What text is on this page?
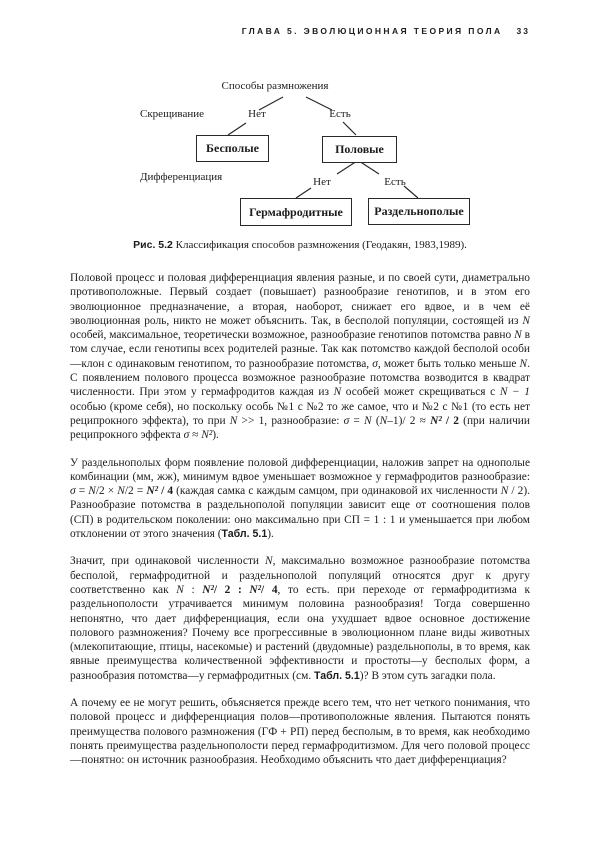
ГЛАВА 5. ЭВОЛЮЦИОННАЯ ТЕОРИЯ ПОЛА 33
Способы размножения
Скрещивание	Нет	Есть
Бесполые	Половые
Дифференциация	Нет	Есть
Гермафродитные	Раздельнополые
Рис. 5.2 Классификация способов размножения (Геодакян, 1983,1989).

Половой процесс и половая дифференциация явления разные, и по своей сути, диаметрально противоположные. Первый создает (повышает) разнообразие генотипов, и в этом его эволюционное предназначение, а вторая, наоборот, снижает его вдвое, и в чем её эволюционная роль, никто не может объяснить. Так, в бесполой популяции, состоящей из N особей, максимальное, теоретически возможное, разнообразие генотипов потомства равно N в том случае, если генотипы всех родителей разные. Так как потомство каждой бесполой особи—клон с одинаковым генотипом, то разнообразие потомства, σ, может быть только меньше N. С появлением полового процесса возможное разнообразие потомства возводится в квадрат численности. При этом у гермафродитов каждая из N особей может скрещиваться с N − 1 особью (кроме себя), но поскольку особь №1 с №2 то же самое, что и №2 с №1 (то есть нет реципрокного эффекта), то при N >> 1, разнообразие: σ = N (N–1)/ 2 ≈ N² / 2 (при наличии реципрокного эффекта σ ≈ N²).

У раздельнополых форм появление половой дифференциации, наложив запрет на однополые комбинации (мм, жж), минимум вдвое уменьшает возможное у гермафродитов разнообразие: σ = N/2 × N/2 = N² / 4 (каждая самка с каждым самцом, при одинаковой их численности N / 2). Разнообразие потомства в раздельнополой популяции зависит еще от соотношения полов (СП) в родительском поколении: оно максимально при СП = 1 : 1 и уменьшается при любом отклонении от этого значения (Табл. 5.1).

Значит, при одинаковой численности N, максимально возможное разнообразие потомства бесполой, гермафродитной и раздельнополой популяций относятся друг к другу соответственно как N : N²/ 2 : N²/ 4, то есть. при переходе от гермафродитизма к раздельнополости утрачивается минимум половина разнообразия! Тогда совершенно непонятно, что дает дифференциация, если она ухудшает вдвое основное достижение полового размножения? Почему все прогрессивные в эволюционном плане виды животных (млекопитающие, птицы, насекомые) и растений (двудомные) раздельнополы, в то время, как явные преимущества количественной эффективности и простоты—у бесполых форм, а разнообразия потомства—у гермафродитных (см. Табл. 5.1)? В этом суть загадки пола.

А почему ее не могут решить, объясняется прежде всего тем, что нет четкого понимания, что половой процесс и дифференциация полов—противоположные явления. Пытаются понять преимущества полового размножения (ГФ + РП) перед бесполым, в то время, как необходимо понять преимущества раздельнополости перед гермафродитизмом. Для чего половой процесс—понятно: он источник разнообразия. Необходимо объяснить что дает дифференциация?
